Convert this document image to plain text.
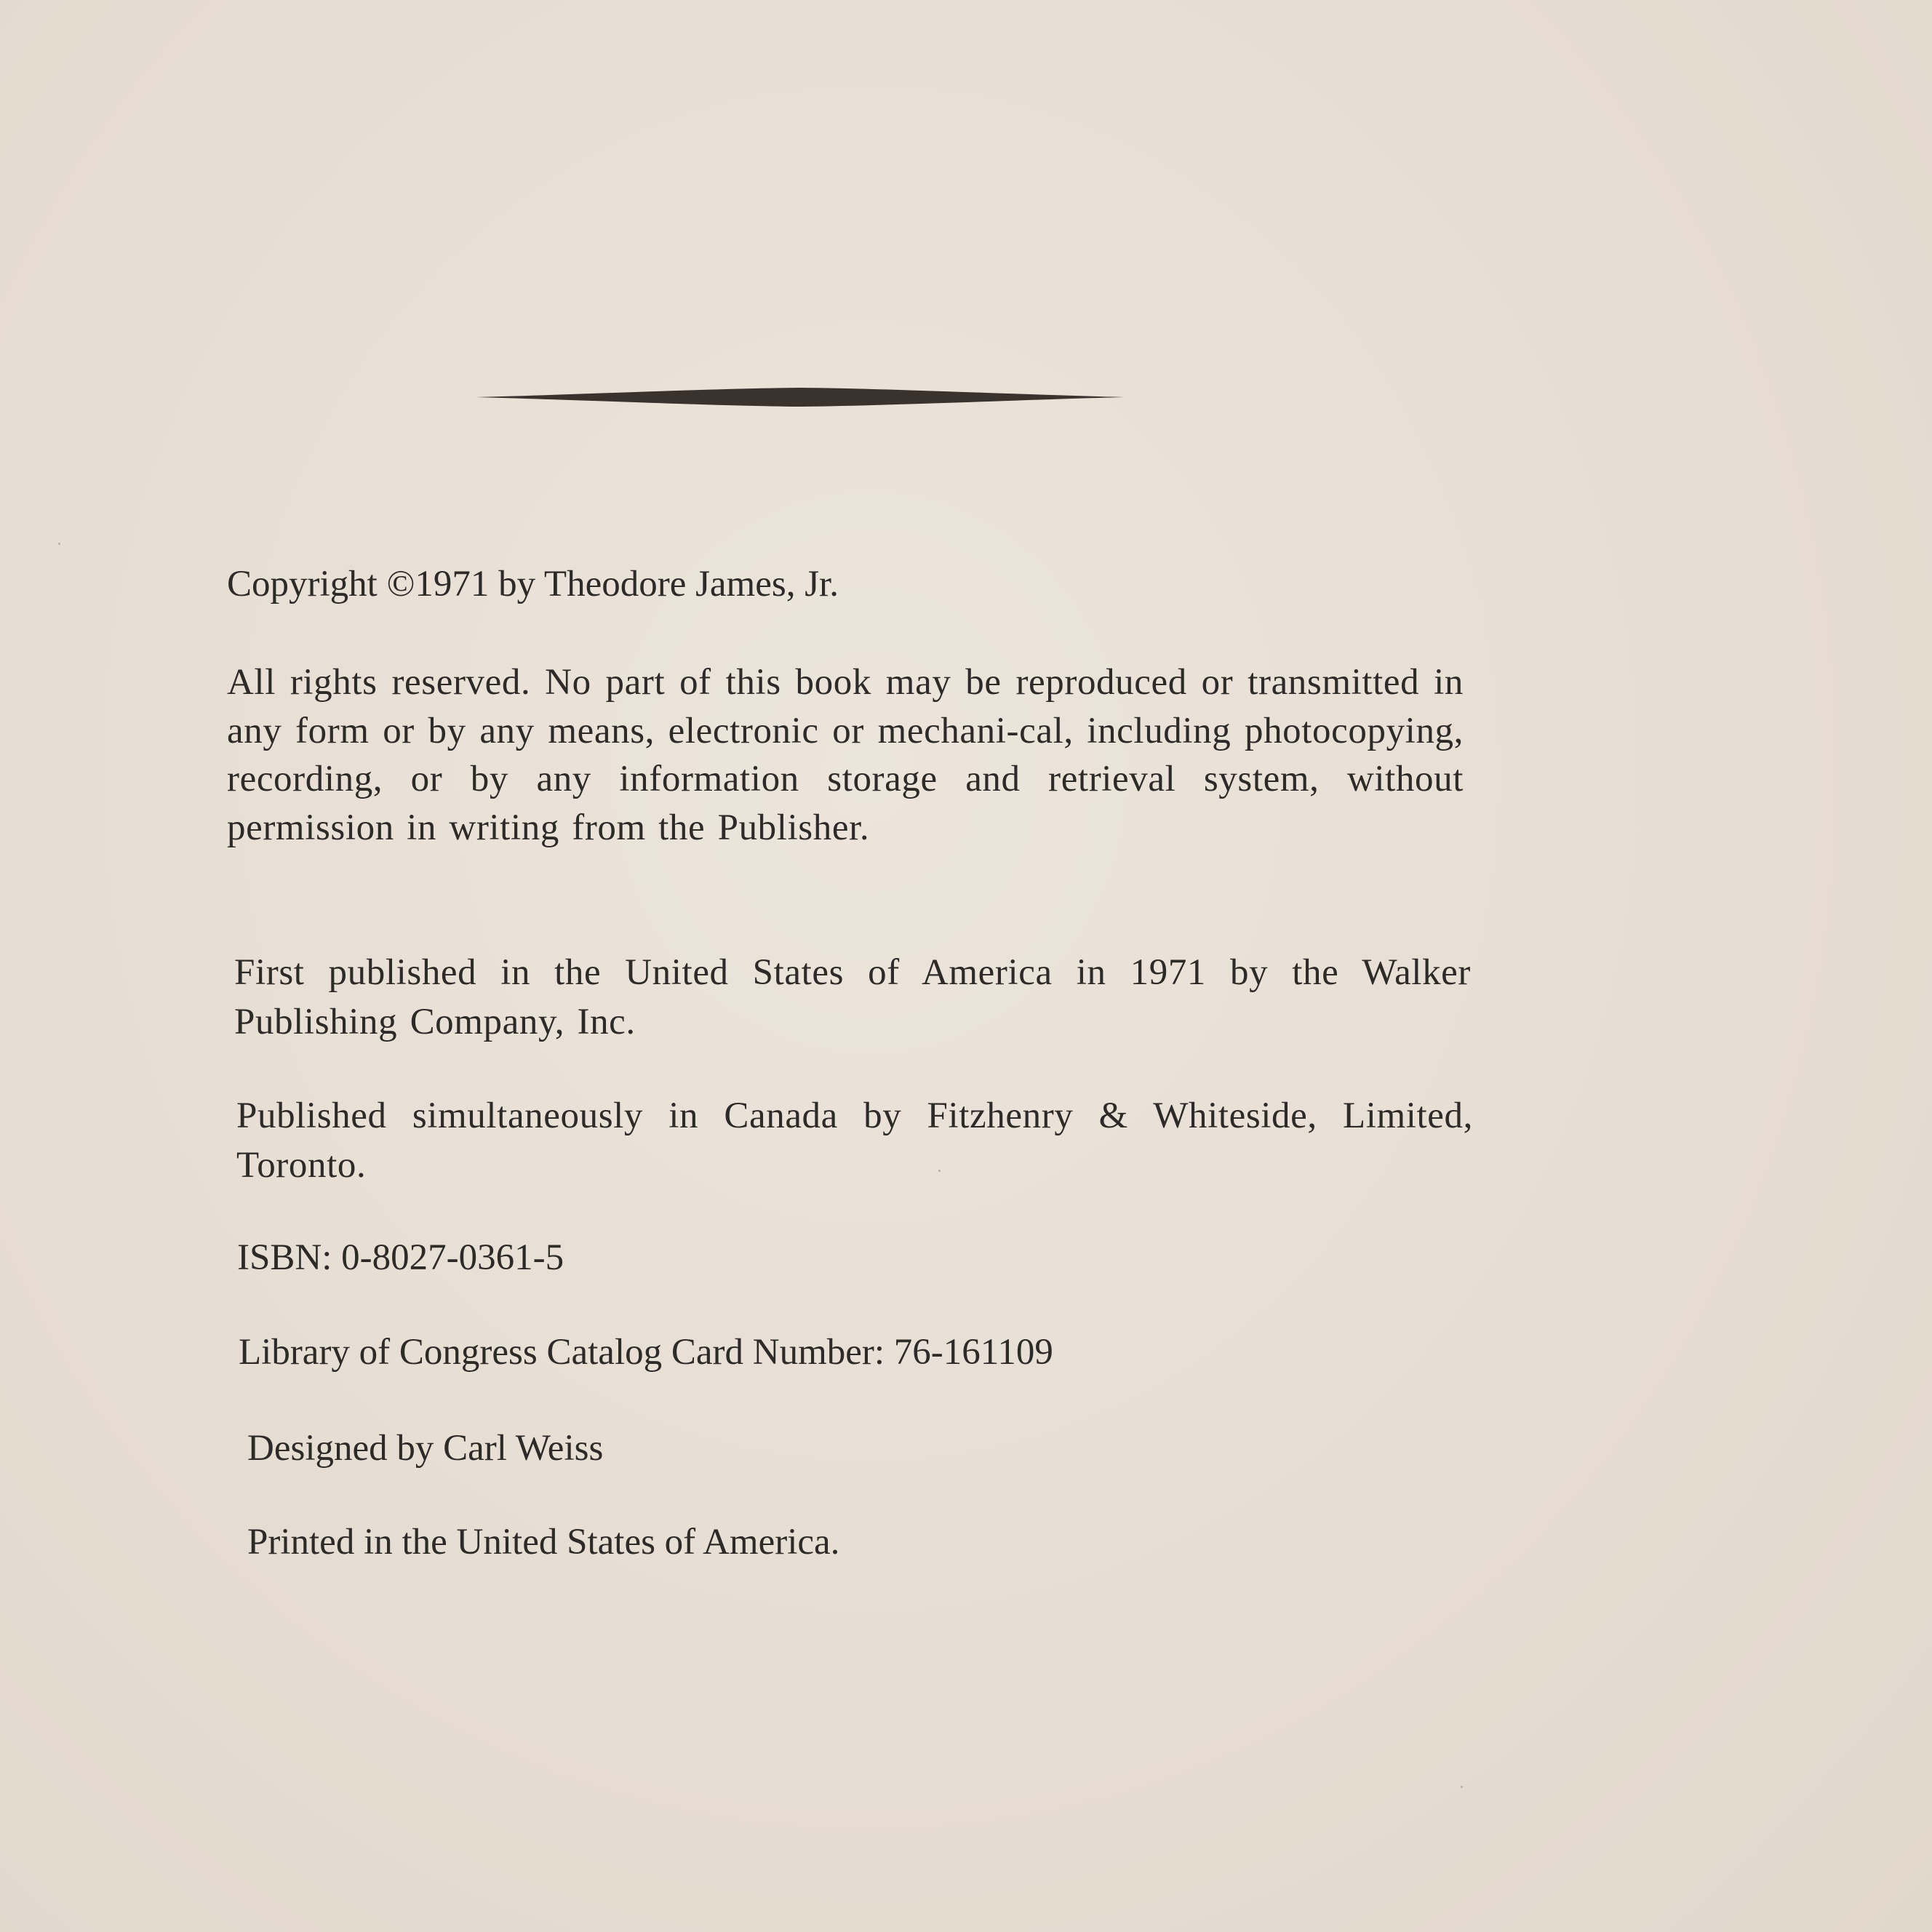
Copyright ©1971 by Theodore James, Jr.

All rights reserved. No part of this book may be reproduced or transmitted in any form or by any means, electronic or mechani-cal, including photocopying, recording, or by any information storage and retrieval system, without permission in writing from the Publisher.

First published in the United States of America in 1971 by the Walker Publishing Company, Inc.

Published simultaneously in Canada by Fitzhenry & Whiteside, Limited, Toronto.

ISBN: 0-8027-0361-5

Library of Congress Catalog Card Number: 76-161109

Designed by Carl Weiss

Printed in the United States of America.
